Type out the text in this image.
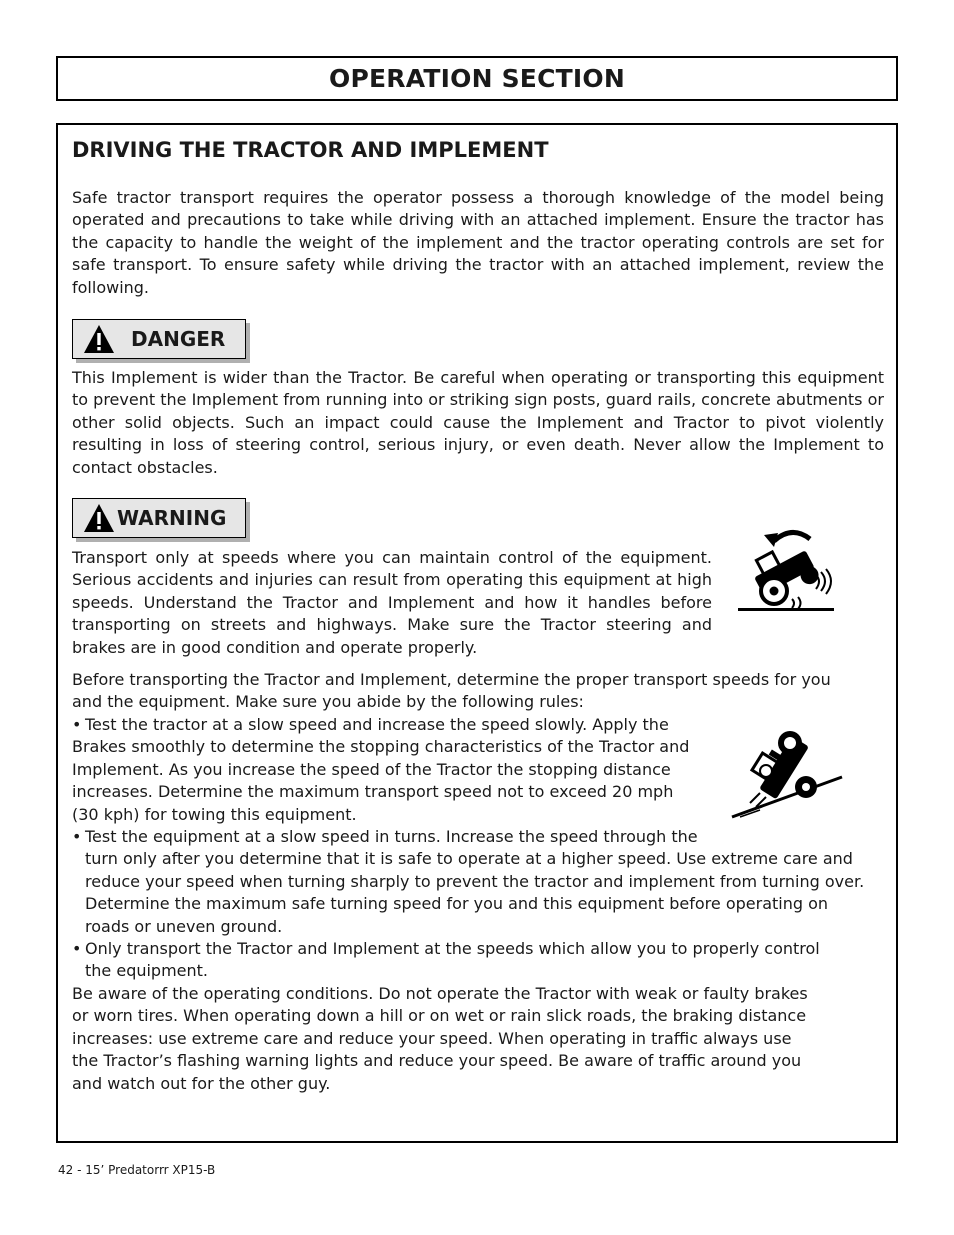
OPERATION SECTION
DRIVING THE TRACTOR AND IMPLEMENT

Safe tractor transport requires the operator possess a thorough knowledge of the model being operated and precautions to take while driving with an attached implement. Ensure the tractor has the capacity to handle the weight of the implement and the tractor operating controls are set for safe transport. To ensure safety while driving the tractor with an attached implement, review the following.

DANGER

This Implement is wider than the Tractor. Be careful when operating or transporting this equipment to prevent the Implement from running into or striking sign posts, guard rails, concrete abutments or other solid objects. Such an impact could cause the Implement and Tractor to pivot violently resulting in loss of steering control, serious injury, or even death. Never allow the Implement to contact obstacles.

WARNING

Transport only at speeds where you can maintain control of the equipment. Serious accidents and injuries can result from operating this equipment at high speeds. Understand the Tractor and Implement and how it handles before transporting on streets and highways. Make sure the Tractor steering and brakes are in good condition and operate properly.

Before transporting the Tractor and Implement, determine the proper transport speeds for you and the equipment. Make sure you abide by the following rules:

• Test the tractor at a slow speed and increase the speed slowly. Apply the
Brakes smoothly to determine the stopping characteristics of the Tractor and
Implement. As you increase the speed of the Tractor the stopping distance
increases. Determine the maximum transport speed not to exceed 20 mph
(30 kph) for towing this equipment.
• Test the equipment at a slow speed in turns. Increase the speed through the
turn only after you determine that it is safe to operate at a higher speed. Use extreme care and
reduce your speed when turning sharply to prevent the tractor and implement from turning over.
Determine the maximum safe turning speed for you and this equipment before operating on
roads or uneven ground.
• Only transport the Tractor and Implement at the speeds which allow you to properly control
the equipment.
Be aware of the operating conditions. Do not operate the Tractor with weak or faulty brakes
or worn tires. When operating down a hill or on wet or rain slick roads, the braking distance
increases: use extreme care and reduce your speed. When operating in traffic always use
the Tractor’s flashing warning lights and reduce your speed. Be aware of traffic around you
and watch out for the other guy.
42 - 15’ Predatorrr XP15-B
